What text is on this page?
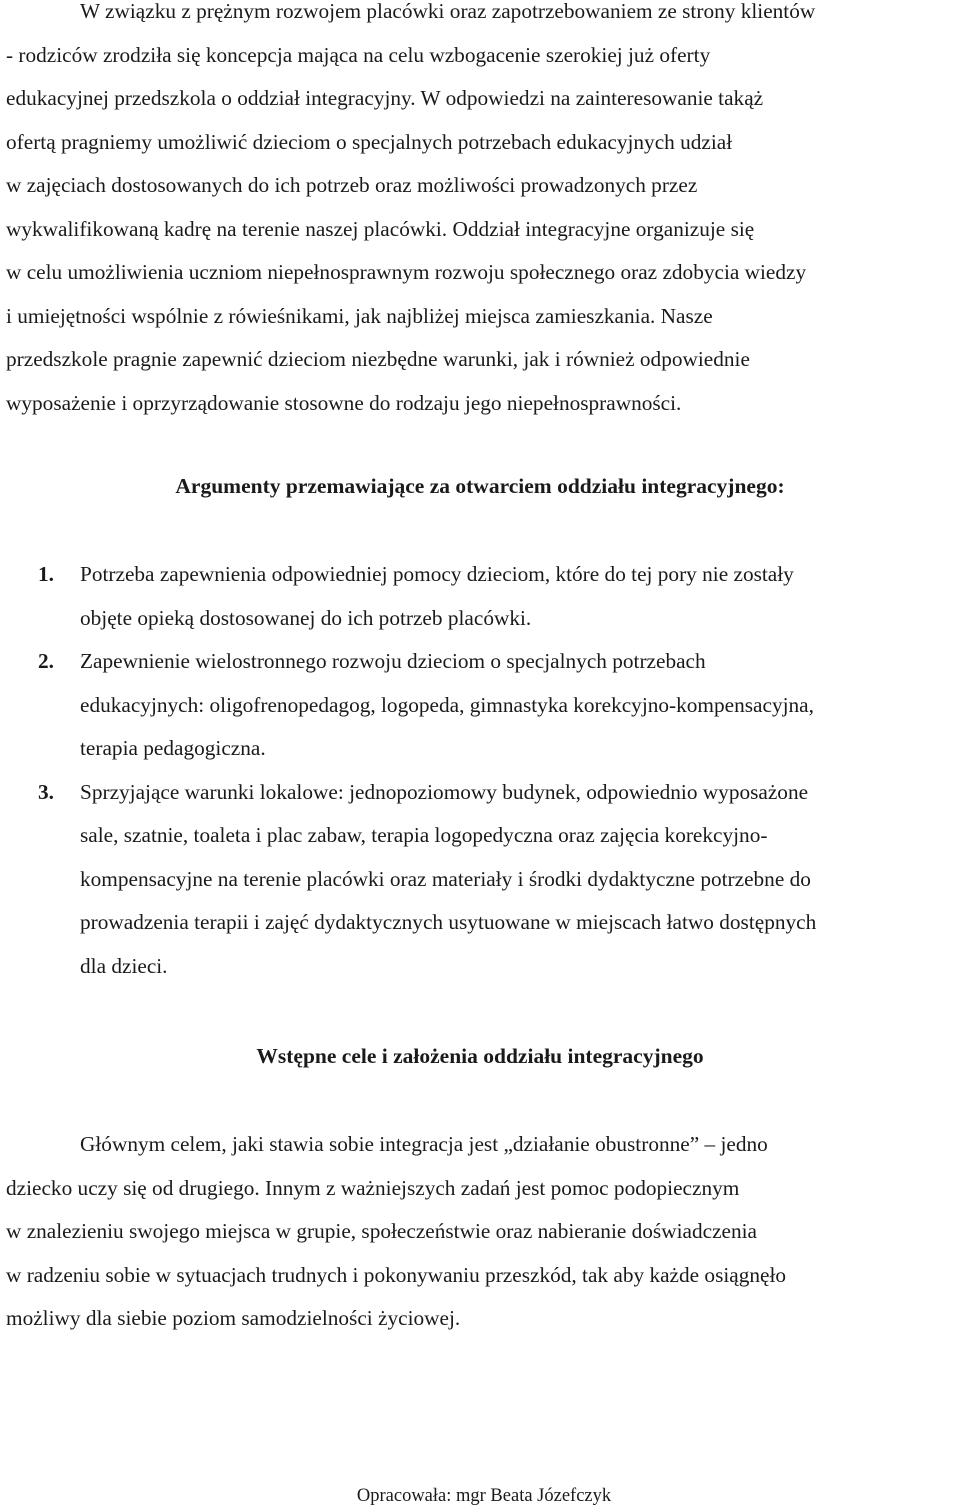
W związku z prężnym rozwojem placówki oraz zapotrzebowaniem ze strony klientów
- rodziców zrodziła się koncepcja mająca na celu wzbogacenie szerokiej już oferty
edukacyjnej przedszkola o oddział integracyjny. W odpowiedzi na zainteresowanie takąż
ofertą pragniemy umożliwić dzieciom o specjalnych potrzebach edukacyjnych udział
w zajęciach dostosowanych do ich potrzeb oraz możliwości prowadzonych przez
wykwalifikowaną kadrę na terenie naszej placówki. Oddział integracyjne organizuje się
w celu umożliwienia uczniom niepełnosprawnym rozwoju społecznego oraz zdobycia wiedzy
i umiejętności wspólnie z rówieśnikami, jak najbliżej miejsca zamieszkania. Nasze
przedszkole pragnie zapewnić dzieciom niezbędne warunki, jak i również odpowiednie
wyposażenie i oprzyrządowanie stosowne do rodzaju jego niepełnosprawności.
Argumenty przemawiające za otwarciem oddziału integracyjnego:
1. Potrzeba zapewnienia odpowiedniej pomocy dzieciom, które do tej pory nie zostały
objęte opieką dostosowanej do ich potrzeb placówki.
2. Zapewnienie wielostronnego rozwoju dzieciom o specjalnych potrzebach
edukacyjnych: oligofrenopedagog, logopeda, gimnastyka korekcyjno-kompensacyjna,
terapia pedagogiczna.
3. Sprzyjające warunki lokalowe: jednopoziomowy budynek, odpowiednio wyposażone
sale, szatnie, toaleta i plac zabaw, terapia logopedyczna oraz zajęcia korekcyjno-
kompensacyjne na terenie placówki oraz materiały i środki dydaktyczne potrzebne do
prowadzenia terapii i zajęć dydaktycznych usytuowane w miejscach łatwo dostępnych
dla dzieci.
Wstępne cele i założenia oddziału integracyjnego
Głównym celem, jaki stawia sobie integracja jest „działanie obustronne” – jedno
dziecko uczy się od drugiego. Innym z ważniejszych zadań jest pomoc podopiecznym
w znalezieniu swojego miejsca w grupie, społeczeństwie oraz nabieranie doświadczenia
w radzeniu sobie w sytuacjach trudnych i pokonywaniu przeszkód, tak aby każde osiągnęło
możliwy dla siebie poziom samodzielności życiowej.
Opracowała: mgr Beata Józefczyk
